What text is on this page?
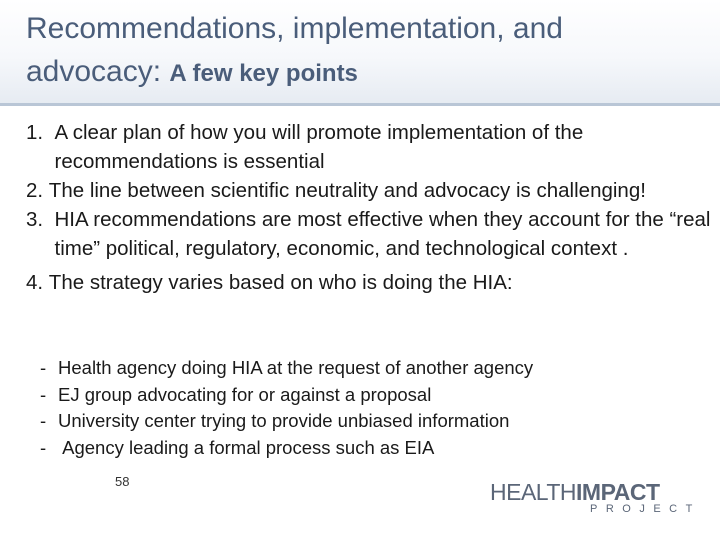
Recommendations, implementation, and
advocacy: A few key points
1. A clear plan of how you will promote implementation of the recommendations is essential
2. The line between scientific neutrality and advocacy is challenging!
3. HIA recommendations are most effective when they account for the “real time” political, regulatory, economic, and technological context .
4. The strategy varies based on who is doing the HIA:
- Health agency doing HIA at the request of another agency
- EJ group advocating for or against a proposal
- University center trying to provide unbiased information
- Agency leading a formal process such as EIA
58	HEALTHIMPACT
PROJECT
